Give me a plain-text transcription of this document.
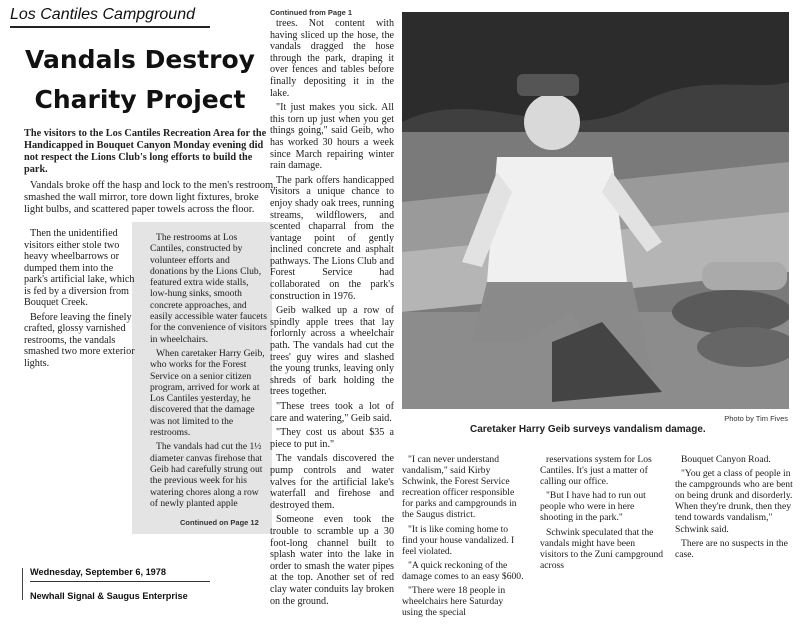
Los Cantiles Campground
Vandals Destroy Charity Project
The visitors to the Los Cantiles Recreation Area for the Handicapped in Bouquet Canyon Monday evening did not respect the Lions Club's long efforts to build the park.

Vandals broke off the hasp and lock to the men's restroom, smashed the wall mirror, tore down light fixtures, broke light bulbs, and scattered paper towels across the floor.

Then the unidentified visitors either stole two heavy wheelbarrows or dumped them into the park's artificial lake, which is fed by a diversion from Bouquet Creek.

Before leaving the finely crafted, glossy varnished restrooms, the vandals smashed two more exterior lights.

The restrooms at Los Cantiles, constructed by volunteer efforts and donations by the Lions Club, featured extra wide stalls, low-hung sinks, smooth concrete approaches, and easily accessible water faucets for the convenience of visitors in wheelchairs.

When caretaker Harry Geib, who works for the Forest Service on a senior citizen program, arrived for work at Los Cantiles yesterday, he discovered that the damage was not limited to the restrooms.

The vandals had cut the 1½ diameter canvas firehose that Geib had carefully strung out the previous week for his watering chores along a row of newly planted apple

Continued on Page 12
Continued from Page 1

trees. Not content with having sliced up the hose, the vandals dragged the hose through the park, draping it over fences and tables before finally depositing it in the lake.

"It just makes you sick. All this torn up just when you get things going," said Geib, who has worked 30 hours a week since March repairing winter rain damage.

The park offers handicapped visitors a unique chance to enjoy shady oak trees, running streams, wildflowers, and scented chaparral from the vantage point of gently inclined concrete and asphalt pathways. The Lions Club and Forest Service had collaborated on the park's construction in 1976.

Geib walked up a row of spindly apple trees that lay forlornly across a wheelchair path. The vandals had cut the trees' guy wires and slashed the young trunks, leaving only shreds of bark holding the trees together.

"These trees took a lot of care and watering," Geib said.

"They cost us about $35 a piece to put in."

The vandals discovered the pump controls and water valves for the artificial lake's waterfall and firehose and destroyed them.

Someone even took the trouble to scramble up a 30 foot-long channel built to splash water into the lake in order to smash the water pipes at the top. Another set of red clay water conduits lay broken on the ground.

Photo by Tim Fives
Caretaker Harry Geib surveys vandalism damage.

"I can never understand vandalism," said Kirby Schwink, the Forest Service recreation officer responsible for parks and campgrounds in the Saugus district.

"It is like coming home to find your house vandalized. I feel violated.

"A quick reckoning of the damage comes to an easy $600.

"There were 18 people in wheelchairs here Saturday using the special

reservations system for Los Cantiles. It's just a matter of calling our office.

"But I have had to run out people who were in here shooting in the park."

Schwink speculated that the vandals might have been visitors to the Zuni campground across

Bouquet Canyon Road.

"You get a class of people in the campgrounds who are bent on being drunk and disorderly. When they're drunk, then they tend towards vandalism," Schwink said.

There are no suspects in the case.

Wednesday, September 6, 1978
Newhall Signal & Saugus Enterprise
